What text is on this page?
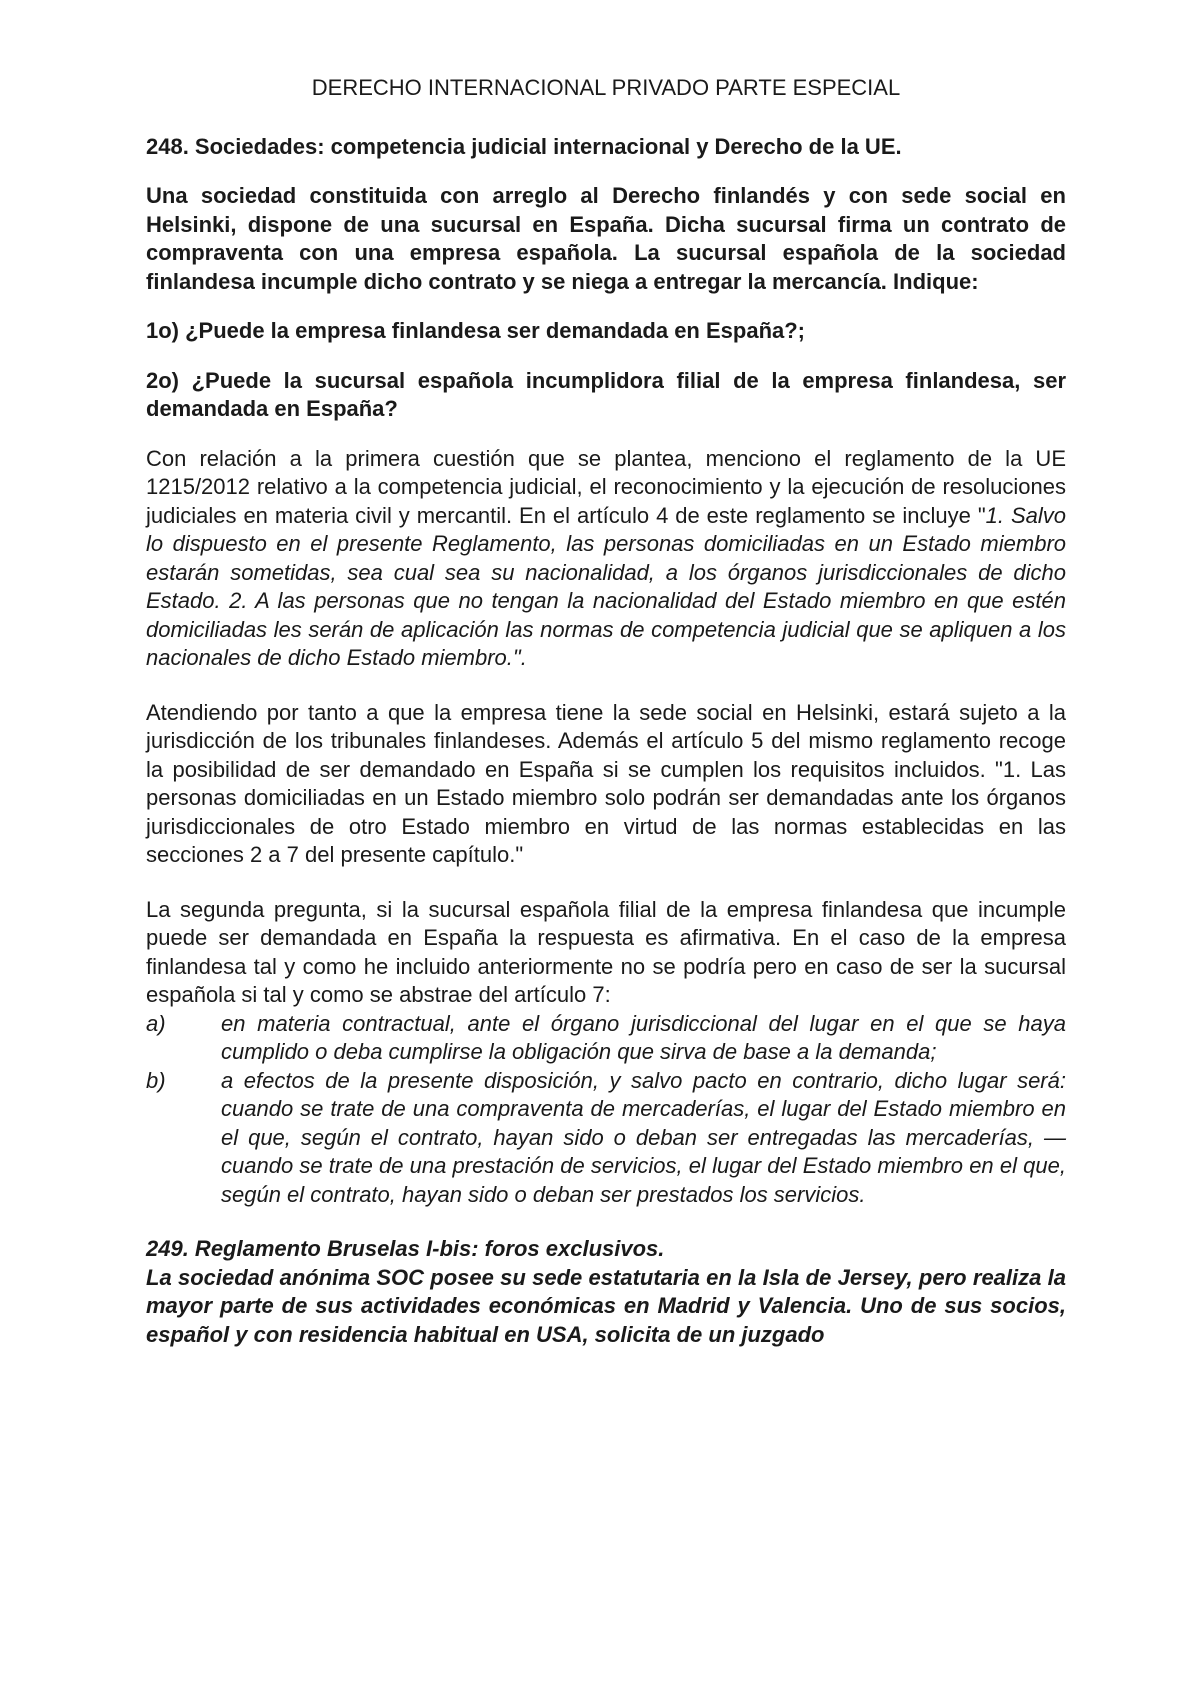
DERECHO INTERNACIONAL PRIVADO PARTE ESPECIAL

248. Sociedades: competencia judicial internacional y Derecho de la UE.

Una sociedad constituida con arreglo al Derecho finlandés y con sede social en Helsinki, dispone de una sucursal en España. Dicha sucursal firma un contrato de compraventa con una empresa española. La sucursal española de la sociedad finlandesa incumple dicho contrato y se niega a entregar la mercancía. Indique:

1o) ¿Puede la empresa finlandesa ser demandada en España?;

2o) ¿Puede la sucursal española incumplidora filial de la empresa finlandesa, ser demandada en España?

Con relación a la primera cuestión que se plantea, menciono el reglamento de la UE 1215/2012 relativo a la competencia judicial, el reconocimiento y la ejecución de resoluciones judiciales en materia civil y mercantil. En el artículo 4 de este reglamento se incluye "1. Salvo lo dispuesto en el presente Reglamento, las personas domiciliadas en un Estado miembro estarán sometidas, sea cual sea su nacionalidad, a los órganos jurisdiccionales de dicho Estado. 2. A las personas que no tengan la nacionalidad del Estado miembro en que estén domiciliadas les serán de aplicación las normas de competencia judicial que se apliquen a los nacionales de dicho Estado miembro.".

Atendiendo por tanto a que la empresa tiene la sede social en Helsinki, estará sujeto a la jurisdicción de los tribunales finlandeses. Además el artículo 5 del mismo reglamento recoge la posibilidad de ser demandado en España si se cumplen los requisitos incluidos. "1. Las personas domiciliadas en un Estado miembro solo podrán ser demandadas ante los órganos jurisdiccionales de otro Estado miembro en virtud de las normas establecidas en las secciones 2 a 7 del presente capítulo."

La segunda pregunta, si la sucursal española filial de la empresa finlandesa que incumple puede ser demandada en España la respuesta es afirmativa. En el caso de la empresa finlandesa tal y como he incluido anteriormente no se podría pero en caso de ser la sucursal española si tal y como se abstrae del artículo 7:

a)	en materia contractual, ante el órgano jurisdiccional del lugar en el que se haya cumplido o deba cumplirse la obligación que sirva de base a la demanda;
b)	a efectos de la presente disposición, y salvo pacto en contrario, dicho lugar será: cuando se trate de una compraventa de mercaderías, el lugar del Estado miembro en el que, según el contrato, hayan sido o deban ser entregadas las mercaderías, — cuando se trate de una prestación de servicios, el lugar del Estado miembro en el que, según el contrato, hayan sido o deban ser prestados los servicios.

249. Reglamento Bruselas I-bis: foros exclusivos.

La sociedad anónima SOC posee su sede estatutaria en la Isla de Jersey, pero realiza la mayor parte de sus actividades económicas en Madrid y Valencia. Uno de sus socios, español y con residencia habitual en USA, solicita de un juzgado
